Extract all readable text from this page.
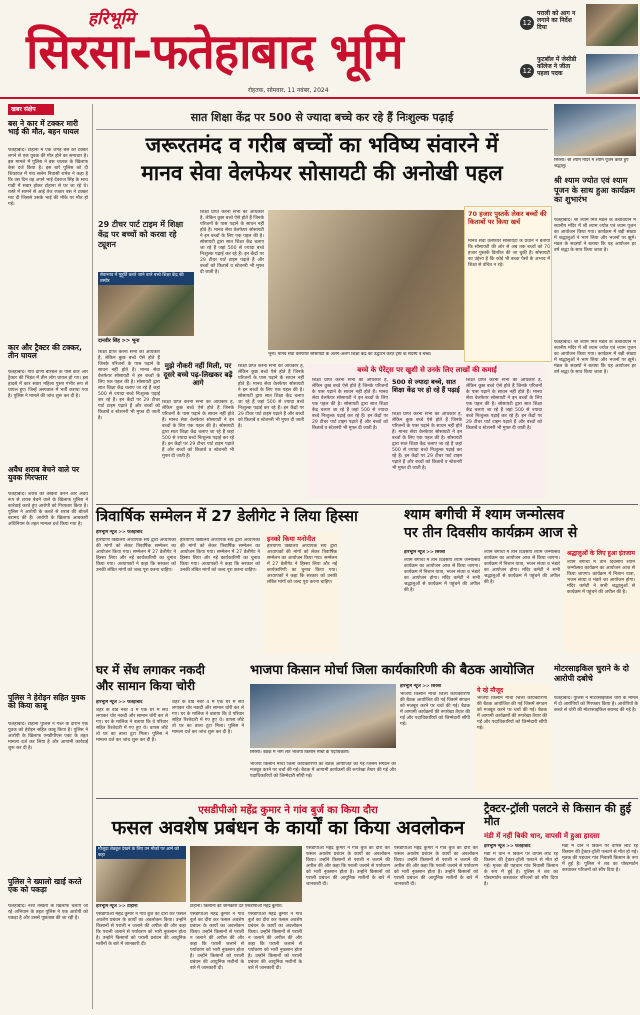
हरिभूमि
सिरसा-फतेहाबाद भूमि
रोहतक, सोमवार, 11 नवंबर, 2024
12
पराली को आग न लगाने का निर्देश दिया
12
फुटबॉल में जेसीडी कॉलेज ने जीता पहला पदक
खबर संक्षेप
बस ने कार में टक्कर मारी भाई की मौत, बहन घायल
फतेहाबाद। टोहाना में एक जगह बस की टक्कर लगने से एक युवक की मौत होने का समाचार है। इस मामले में पुलिस ने बस चालक के खिलाफ केस दर्ज किया है। इस बारे पुलिस को दी शिकायत में गांव सलेम निवासी रामेश ने कहा है कि उस दिन वह अपने भाई देवराज सिंह के साथ गाड़ी में सवार होकर टोहाना से घर जा रहे थे। रास्ते में सामने से आई तेज रफ्तार बस ने टक्कर मार दी जिससे उसके भाई की मौके पर मौत हो गई।
कार और ट्रैक्टर की टक्कर, तीन घायल
फतेहाबाद। गांव ढाणी बीरबल के पास कार और ट्रैक्टर की भिड़ंत में तीन लोग घायल हो गए। इस हादसे में कार सवार महिला पुरुष गंभीर रूप से घायल हुए। जिन्हें अस्पताल में भर्ती कराया गया है। पुलिस ने मामले की जांच शुरू कर दी है।
अवैध शराब बेचने वाले पर युवक गिरफ्तार
फतेहाबाद। शराब की तस्करी करने और अवैध रूप से शराब बेचने वाले के खिलाफ पुलिस ने कार्रवाई करते हुए आरोपी को गिरफ्तार किया है। पुलिस ने आरोपी के कब्जे से शराब की बोतलें बरामद की हैं। आरोपी के खिलाफ आबकारी अधिनियम के तहत मामला दर्ज किया गया है।
पुलिस ने हेरोइन सहित युवक को किया काबू
फतेहाबाद। टोहाना पुलिस ने गश्त के दौरान एक युवक को हेरोइन सहित काबू किया है। पुलिस ने आरोपी के खिलाफ एनडीपीएस एक्ट के तहत मामला दर्ज कर लिया है और आगामी कार्रवाई शुरू कर दी है।
पुलिस ने ख्यालो खाई करते एक को पकड़ा
फतेहाबाद। नशा तस्करों के खिलाफ चलाए जा रहे अभियान के तहत पुलिस ने एक आरोपी को पकड़ा है और उससे पूछताछ की जा रही है।
सात शिक्षा केंद्र पर 500 से ज्यादा बच्चे कर रहे हैं निःशुल्क पढ़ाई
जरूरतमंद व गरीब बच्चों का भविष्य संवारने में
मानव सेवा वेलफेयर सोसायटी की अनोखी पहल
29 टीचर पार्ट टाइम में शिक्षा केंद्र पर बच्चों को करवा रहे ट्यूशन
सेवाभाव में मुहूर्ति करते जाने वाले बच्चे शिक्षा केंद्र की तस्वीर
दानवीर सिंह >> भूना
शिक्षा प्राप्त करना सभी का अधिकार है, लेकिन कुछ बच्चे ऐसे होते हैं जिनके परिजनों के पास पढ़ाने के साधन नहीं होते हैं। मानव सेवा वेलफेयर सोसायटी ने इन बच्चों के लिए एक पहल की है। सोसायटी द्वारा सात शिक्षा केंद्र चलाए जा रहे हैं जहां 500 से ज्यादा बच्चे निःशुल्क पढ़ाई कर रहे हैं। इन केंद्रों पर 29 टीचर पार्ट टाइम पढ़ाते हैं और बच्चों को किताबें व स्टेशनरी भी मुफ्त दी जाती है।
भूना। मानव सेवा वेलफेयर सोसायटी के अलग-अलग शिक्षा केंद्र का उद्घाटन करते ट्रस्ट के सदस्य व बच्चे।
शिक्षा प्राप्त करना सभी का अधिकार है, लेकिन कुछ बच्चे ऐसे होते हैं जिनके परिजनों के पास पढ़ाने के साधन नहीं होते हैं। मानव सेवा वेलफेयर सोसायटी ने इन बच्चों के लिए एक पहल की है। सोसायटी द्वारा सात शिक्षा केंद्र चलाए जा रहे हैं जहां 500 से ज्यादा बच्चे निःशुल्क पढ़ाई कर रहे हैं। इन केंद्रों पर 29 टीचर पार्ट टाइम पढ़ाते हैं और बच्चों को किताबें व स्टेशनरी भी मुफ्त दी जाती है।
मुझे नौकरी नहीं मिली, पर दूसरे बच्चे पढ़-लिखकर बढ़ें आगे
शिक्षा प्राप्त करना सभी का अधिकार है, लेकिन कुछ बच्चे ऐसे होते हैं जिनके परिजनों के पास पढ़ाने के साधन नहीं होते हैं। मानव सेवा वेलफेयर सोसायटी ने इन बच्चों के लिए एक पहल की है। सोसायटी द्वारा सात शिक्षा केंद्र चलाए जा रहे हैं जहां 500 से ज्यादा बच्चे निःशुल्क पढ़ाई कर रहे हैं। इन केंद्रों पर 29 टीचर पार्ट टाइम पढ़ाते हैं और बच्चों को किताबें व स्टेशनरी भी मुफ्त दी जाती है।
शिक्षा प्राप्त करना सभी का अधिकार है, लेकिन कुछ बच्चे ऐसे होते हैं जिनके परिजनों के पास पढ़ाने के साधन नहीं होते हैं। मानव सेवा वेलफेयर सोसायटी ने इन बच्चों के लिए एक पहल की है। सोसायटी द्वारा सात शिक्षा केंद्र चलाए जा रहे हैं जहां 500 से ज्यादा बच्चे निःशुल्क पढ़ाई कर रहे हैं। इन केंद्रों पर 29 टीचर पार्ट टाइम पढ़ाते हैं और बच्चों को किताबें व स्टेशनरी भी मुफ्त दी जाती है।
बच्चे के पेरेंट्स पर खुशी से उनके लिए लाखों की कमाई
शिक्षा प्राप्त करना सभी का अधिकार है, लेकिन कुछ बच्चे ऐसे होते हैं जिनके परिजनों के पास पढ़ाने के साधन नहीं होते हैं। मानव सेवा वेलफेयर सोसायटी ने इन बच्चों के लिए एक पहल की है। सोसायटी द्वारा सात शिक्षा केंद्र चलाए जा रहे हैं जहां 500 से ज्यादा बच्चे निःशुल्क पढ़ाई कर रहे हैं। इन केंद्रों पर 29 टीचर पार्ट टाइम पढ़ाते हैं और बच्चों को किताबें व स्टेशनरी भी मुफ्त दी जाती है।
500 से ज्यादा बच्चे, सात शिक्षा केंद्र पर हो रहे हैं पढ़ाई
शिक्षा प्राप्त करना सभी का अधिकार है, लेकिन कुछ बच्चे ऐसे होते हैं जिनके परिजनों के पास पढ़ाने के साधन नहीं होते हैं। मानव सेवा वेलफेयर सोसायटी ने इन बच्चों के लिए एक पहल की है। सोसायटी द्वारा सात शिक्षा केंद्र चलाए जा रहे हैं जहां 500 से ज्यादा बच्चे निःशुल्क पढ़ाई कर रहे हैं। इन केंद्रों पर 29 टीचर पार्ट टाइम पढ़ाते हैं और बच्चों को किताबें व स्टेशनरी भी मुफ्त दी जाती है।
शिक्षा प्राप्त करना सभी का अधिकार है, लेकिन कुछ बच्चे ऐसे होते हैं जिनके परिजनों के पास पढ़ाने के साधन नहीं होते हैं। मानव सेवा वेलफेयर सोसायटी ने इन बच्चों के लिए एक पहल की है। सोसायटी द्वारा सात शिक्षा केंद्र चलाए जा रहे हैं जहां 500 से ज्यादा बच्चे निःशुल्क पढ़ाई कर रहे हैं। इन केंद्रों पर 29 टीचर पार्ट टाइम पढ़ाते हैं और बच्चों को किताबें व स्टेशनरी भी मुफ्त दी जाती है।
सिरसा। श्री श्याम मंदिर में श्याम पूजन करते हुए श्रद्धालु।
श्री श्याम ज्योत एवं श्याम पूजन के साथ हुआ कार्यक्रम का शुभारंभ
फतेहाबाद। श्री श्याम मित्र मंडल के तत्वावधान में स्थानीय मंदिर में श्री श्याम ज्योत एवं श्याम पूजन का आयोजन किया गया। कार्यक्रम में बड़ी संख्या में श्रद्धालुओं ने भाग लिया और भजनों पर झूमे। मंडल के सदस्यों ने बताया कि यह आयोजन हर वर्ष श्रद्धा के साथ किया जाता है।
70 हजार पुस्तकें लेकर बच्चों की किताबों पर किया खर्च
मानव सेवा वेलफेयर सोसायटी के प्रधान ने बताया कि सोसायटी की ओर से अब तक बच्चों को 70 हजार पुस्तकें वितरित की जा चुकी हैं। सोसायटी का उद्देश्य है कि कोई भी बच्चा पैसों के अभाव में शिक्षा से वंचित न रहे।
फतेहाबाद। श्री श्याम मित्र मंडल के तत्वावधान में स्थानीय मंदिर में श्री श्याम ज्योत एवं श्याम पूजन का आयोजन किया गया। कार्यक्रम में बड़ी संख्या में श्रद्धालुओं ने भाग लिया और भजनों पर झूमे। मंडल के सदस्यों ने बताया कि यह आयोजन हर वर्ष श्रद्धा के साथ किया जाता है।
त्रिवार्षिक सम्मेलन में 27 डेलीगेट ने लिया हिस्सा
हरिभूमि न्यूज >> फतेहाबाद
हरियाणा विद्यालय अध्यापक संघ द्वारा अध्यापकों की मांगों को लेकर त्रिवार्षिक सम्मेलन का आयोजन किया गया। सम्मेलन में 27 डेलीगेट ने हिस्सा लिया और नई कार्यकारिणी का चुनाव किया गया। अध्यापकों ने कहा कि सरकार को उनकी लंबित मांगों को जल्द पूरा करना चाहिए।
हरियाणा विद्यालय अध्यापक संघ द्वारा अध्यापकों की मांगों को लेकर त्रिवार्षिक सम्मेलन का आयोजन किया गया। सम्मेलन में 27 डेलीगेट ने हिस्सा लिया और नई कार्यकारिणी का चुनाव किया गया। अध्यापकों ने कहा कि सरकार को उनकी लंबित मांगों को जल्द पूरा करना चाहिए।
इनको किया मनोनीत
हरियाणा विद्यालय अध्यापक संघ द्वारा अध्यापकों की मांगों को लेकर त्रिवार्षिक सम्मेलन का आयोजन किया गया। सम्मेलन में 27 डेलीगेट ने हिस्सा लिया और नई कार्यकारिणी का चुनाव किया गया। अध्यापकों ने कहा कि सरकार को उनकी लंबित मांगों को जल्द पूरा करना चाहिए।
श्याम बगीची में श्याम जन्मोत्सव
पर तीन दिवसीय कार्यक्रम आज से
हरिभूमि न्यूज >> सिरसा
श्याम बगीची में तीन दिवसीय श्याम जन्मोत्सव कार्यक्रम का आयोजन आज से किया जाएगा। कार्यक्रम में निशान यात्रा, भजन संध्या व भंडारे का आयोजन होगा। मंदिर कमेटी ने सभी श्रद्धालुओं से कार्यक्रम में पहुंचने की अपील की है।
श्याम बगीची में तीन दिवसीय श्याम जन्मोत्सव कार्यक्रम का आयोजन आज से किया जाएगा। कार्यक्रम में निशान यात्रा, भजन संध्या व भंडारे का आयोजन होगा। मंदिर कमेटी ने सभी श्रद्धालुओं से कार्यक्रम में पहुंचने की अपील की है।
श्रद्धालुओं के लिए हुआ इंतजाम
श्याम बगीची में तीन दिवसीय श्याम जन्मोत्सव कार्यक्रम का आयोजन आज से किया जाएगा। कार्यक्रम में निशान यात्रा, भजन संध्या व भंडारे का आयोजन होगा। मंदिर कमेटी ने सभी श्रद्धालुओं से कार्यक्रम में पहुंचने की अपील की है।
घर में सेंध लगाकर नकदी
और सामान किया चोरी
हरिभूमि न्यूज >> फतेहाबाद
शहर के वार्ड नंबर 4 में एक घर में सेंध लगाकर चोर नकदी और सामान चोरी कर ले गए। घर के मालिक ने बताया कि वे परिवार सहित रिश्तेदारी में गए हुए थे। वापस लौटे तो घर का ताला टूटा मिला। पुलिस ने मामला दर्ज कर जांच शुरू कर दी है।
शहर के वार्ड नंबर 4 में एक घर में सेंध लगाकर चोर नकदी और सामान चोरी कर ले गए। घर के मालिक ने बताया कि वे परिवार सहित रिश्तेदारी में गए हुए थे। वापस लौटे तो घर का ताला टूटा मिला। पुलिस ने मामला दर्ज कर जांच शुरू कर दी है।
भाजपा किसान मोर्चा जिला कार्यकारिणी की बैठक आयोजित
सिरसा। बैठक में भाग लेते भाजपा किसान मोर्चा के पदाधिकारी।
हरिभूमि न्यूज >> सिरसा
भाजपा किसान मोर्चा जिला कार्यकारिणी की बैठक आयोजित की गई जिसमें संगठन को मजबूत करने पर चर्चा की गई। बैठक में आगामी कार्यक्रमों की रूपरेखा तैयार की गई और पदाधिकारियों को जिम्मेदारी सौंपी गई।
ये रहे मौजूद
भाजपा किसान मोर्चा जिला कार्यकारिणी की बैठक आयोजित की गई जिसमें संगठन को मजबूत करने पर चर्चा की गई। बैठक में आगामी कार्यक्रमों की रूपरेखा तैयार की गई और पदाधिकारियों को जिम्मेदारी सौंपी गई।
भाजपा किसान मोर्चा जिला कार्यकारिणी की बैठक आयोजित की गई जिसमें संगठन को मजबूत करने पर चर्चा की गई। बैठक में आगामी कार्यक्रमों की रूपरेखा तैयार की गई और पदाधिकारियों को जिम्मेदारी सौंपी गई।
मोटरसाइकिल चुराने के दो आरोपी दबोचे
फतेहाबाद। पुलिस ने मोटरसाइकिल चोरी के मामले में दो आरोपियों को गिरफ्तार किया है। आरोपियों के कब्जे से चोरी की मोटरसाइकिल बरामद की गई है।
एसडीपीओ महेंद्र कुमार ने गांव बुर्ज का किया दौरा
फसल अवशेष प्रबंधन के कार्यों का किया अवलोकन
मौजूदा शेड्यूल देखने के लिए उन मौकों पर आने को कहा
हरिभूमि न्यूज >> टोहाना
एसडीपीओ महेंद्र कुमार ने गांव बुर्ज का दौरा कर फसल अवशेष प्रबंधन के कार्यों का अवलोकन किया। उन्होंने किसानों से पराली न जलाने की अपील की और कहा कि पराली जलाने से पर्यावरण को भारी नुकसान होता है। उन्होंने किसानों को पराली प्रबंधन की आधुनिक मशीनों के बारे में जानकारी दी।
टोहाना। किसानों को जानकारी देते एसडीपीओ महेंद्र कुमार।
एसडीपीओ महेंद्र कुमार ने गांव बुर्ज का दौरा कर फसल अवशेष प्रबंधन के कार्यों का अवलोकन किया। उन्होंने किसानों से पराली न जलाने की अपील की और कहा कि पराली जलाने से पर्यावरण को भारी नुकसान होता है। उन्होंने किसानों को पराली प्रबंधन की आधुनिक मशीनों के बारे में जानकारी दी।
एसडीपीओ महेंद्र कुमार ने गांव बुर्ज का दौरा कर फसल अवशेष प्रबंधन के कार्यों का अवलोकन किया। उन्होंने किसानों से पराली न जलाने की अपील की और कहा कि पराली जलाने से पर्यावरण को भारी नुकसान होता है। उन्होंने किसानों को पराली प्रबंधन की आधुनिक मशीनों के बारे में जानकारी दी।
एसडीपीओ महेंद्र कुमार ने गांव बुर्ज का दौरा कर फसल अवशेष प्रबंधन के कार्यों का अवलोकन किया। उन्होंने किसानों से पराली न जलाने की अपील की और कहा कि पराली जलाने से पर्यावरण को भारी नुकसान होता है। उन्होंने किसानों को पराली प्रबंधन की आधुनिक मशीनों के बारे में जानकारी दी।
एसडीपीओ महेंद्र कुमार ने गांव बुर्ज का दौरा कर फसल अवशेष प्रबंधन के कार्यों का अवलोकन किया। उन्होंने किसानों से पराली न जलाने की अपील की और कहा कि पराली जलाने से पर्यावरण को भारी नुकसान होता है। उन्होंने किसानों को पराली प्रबंधन की आधुनिक मशीनों के बारे में जानकारी दी।
ट्रैक्टर-ट्रॉली पलटने से किसान की हुई मौत
मंडी में नहीं बिकी धान, वापसी में हुआ हादसा
हरिभूमि न्यूज >> फतेहाबाद
मंडी में धान न बिकने पर वापस लौट रहे किसान की ट्रैक्टर-ट्रॉली पलटने से मौत हो गई। मृतक की पहचान गांव निवासी किसान के रूप में हुई है। पुलिस ने शव का पोस्टमार्टम करवाकर परिजनों को सौंप दिया है।
मंडी में धान न बिकने पर वापस लौट रहे किसान की ट्रैक्टर-ट्रॉली पलटने से मौत हो गई। मृतक की पहचान गांव निवासी किसान के रूप में हुई है। पुलिस ने शव का पोस्टमार्टम करवाकर परिजनों को सौंप दिया है।
